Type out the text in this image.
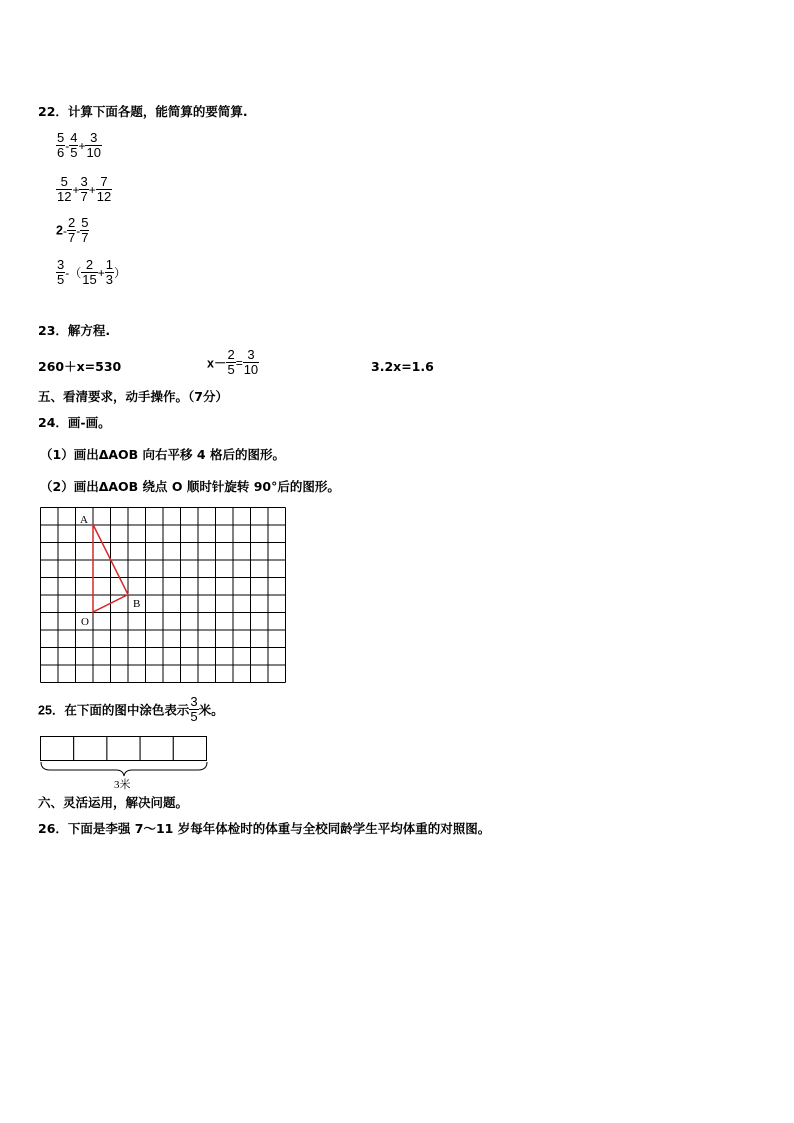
22．计算下面各题，能简算的要简算.
$\frac{5}{6} - \frac{4}{5} + \frac{3}{10}$
$\frac{5}{12} + \frac{3}{7} + \frac{7}{12}$
$2- \frac{2}{7} - \frac{5}{7}$
$\frac{3}{5}$ -（ $\frac{2}{15} + \frac{1}{3}$ ）
23．解方程.
260＋x=530	$x- \frac{2}{5} = \frac{3}{10}$	3.2x=1.6
五、看清要求，动手操作。（7分）
24．画-画。
（1）画出ΔAOB 向右平移 4 格后的图形。
（2）画出ΔAOB 绕点 O 顺时针旋转 90°后的图形。
A
B
O
25．在下面的图中涂色表示 $\frac{3}{5}$ 米。
3米
六、灵活运用，解决问题。
26．下面是李强 7～11 岁每年体检时的体重与全校同龄学生平均体重的对照图。
